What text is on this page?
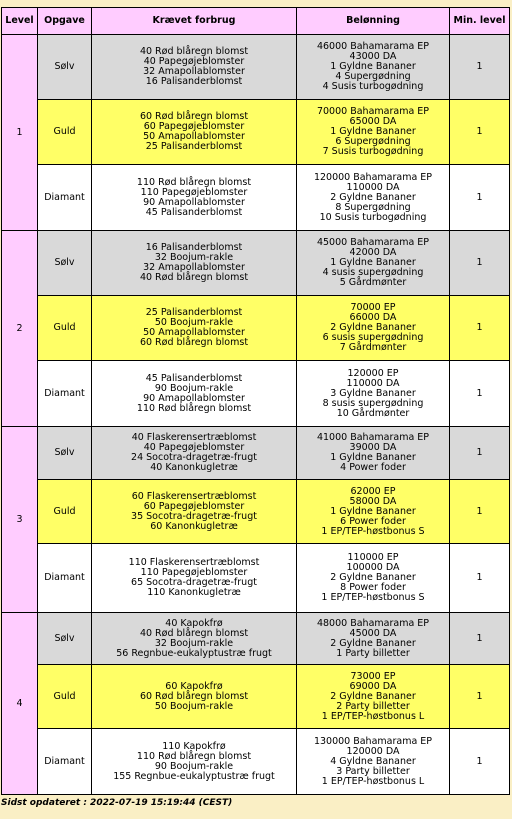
Level	Opgave	Krævet forbrug	Belønning	Min. level
1	Sølv	40 Rød blåregn blomst
40 Papegøjeblomster
32 Amapollablomster
16 Palisanderblomst	46000 Bahamarama EP
43000 DA
1 Gyldne Bananer
4 Supergødning
4 Susis turbogødning	1
	Guld	60 Rød blåregn blomst
60 Papegøjeblomster
50 Amapollablomster
25 Palisanderblomst	70000 Bahamarama EP
65000 DA
1 Gyldne Bananer
6 Supergødning
7 Susis turbogødning	1
	Diamant	110 Rød blåregn blomst
110 Papegøjeblomster
90 Amapollablomster
45 Palisanderblomst	120000 Bahamarama EP
110000 DA
2 Gyldne Bananer
8 Supergødning
10 Susis turbogødning	1
2	Sølv	16 Palisanderblomst
32 Boojum-rakle
32 Amapollablomster
40 Rød blåregn blomst	45000 Bahamarama EP
42000 DA
1 Gyldne Bananer
4 susis supergødning
5 Gårdmønter	1
	Guld	25 Palisanderblomst
50 Boojum-rakle
50 Amapollablomster
60 Rød blåregn blomst	70000 EP
66000 DA
2 Gyldne Bananer
6 susis supergødning
7 Gårdmønter	1
	Diamant	45 Palisanderblomst
90 Boojum-rakle
90 Amapollablomster
110 Rød blåregn blomst	120000 EP
110000 DA
3 Gyldne Bananer
8 susis supergødning
10 Gårdmønter	1
3	Sølv	40 Flaskerensertræblomst
40 Papegøjeblomster
24 Socotra-dragetræ-frugt
40 Kanonkugletræ	41000 Bahamarama EP
39000 DA
1 Gyldne Bananer
4 Power foder	1
	Guld	60 Flaskerensertræblomst
60 Papegøjeblomster
35 Socotra-dragetræ-frugt
60 Kanonkugletræ	62000 EP
58000 DA
1 Gyldne Bananer
6 Power foder
1 EP/TEP-høstbonus S	1
	Diamant	110 Flaskerensertræblomst
110 Papegøjeblomster
65 Socotra-dragetræ-frugt
110 Kanonkugletræ	110000 EP
100000 DA
2 Gyldne Bananer
8 Power foder
1 EP/TEP-høstbonus S	1
4	Sølv	40 Kapokfrø
40 Rød blåregn blomst
32 Boojum-rakle
56 Regnbue-eukalyptustræ frugt	48000 Bahamarama EP
45000 DA
2 Gyldne Bananer
1 Party billetter	1
	Guld	60 Kapokfrø
60 Rød blåregn blomst
50 Boojum-rakle	73000 EP
69000 DA
2 Gyldne Bananer
2 Party billetter
1 EP/TEP-høstbonus L	1
	Diamant	110 Kapokfrø
110 Rød blåregn blomst
90 Boojum-rakle
155 Regnbue-eukalyptustræ frugt	130000 Bahamarama EP
120000 DA
4 Gyldne Bananer
3 Party billetter
1 EP/TEP-høstbonus L	1
Sidst opdateret : 2022-07-19 15:19:44 (CEST)
